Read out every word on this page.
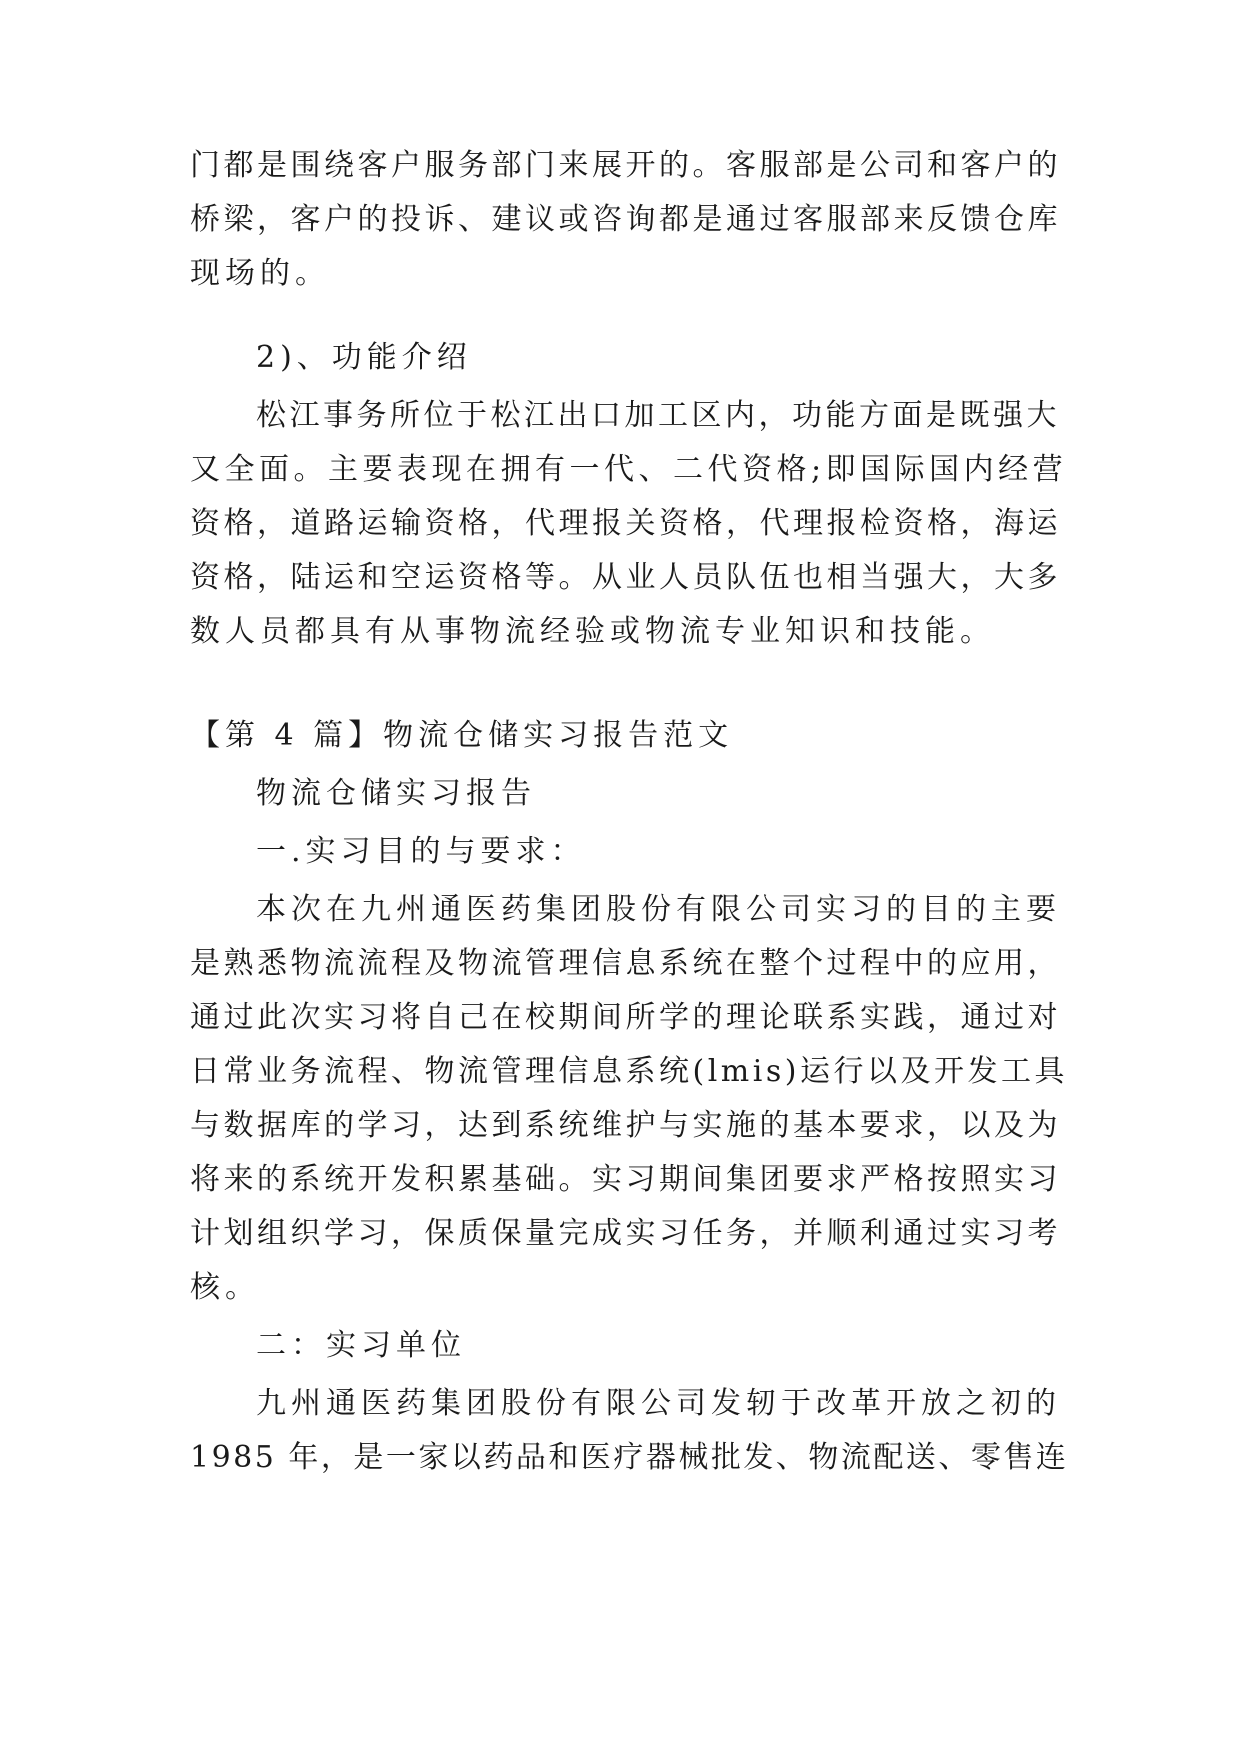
门都是围绕客户服务部门来展开的。客服部是公司和客户的
桥梁，客户的投诉、建议或咨询都是通过客服部来反馈仓库
现场的。
2)、功能介绍
松江事务所位于松江出口加工区内，功能方面是既强大
又全面。主要表现在拥有一代、二代资格;即国际国内经营
资格，道路运输资格，代理报关资格，代理报检资格，海运
资格，陆运和空运资格等。从业人员队伍也相当强大，大多
数人员都具有从事物流经验或物流专业知识和技能。
【第 4 篇】物流仓储实习报告范文
物流仓储实习报告
一.实习目的与要求：
本次在九州通医药集团股份有限公司实习的目的主要
是熟悉物流流程及物流管理信息系统在整个过程中的应用，
通过此次实习将自己在校期间所学的理论联系实践，通过对
日常业务流程、物流管理信息系统(lmis)运行以及开发工具
与数据库的学习，达到系统维护与实施的基本要求，以及为
将来的系统开发积累基础。实习期间集团要求严格按照实习
计划组织学习，保质保量完成实习任务，并顺利通过实习考
核。
二：实习单位
九州通医药集团股份有限公司发轫于改革开放之初的
1985 年，是一家以药品和医疗器械批发、物流配送、零售连
